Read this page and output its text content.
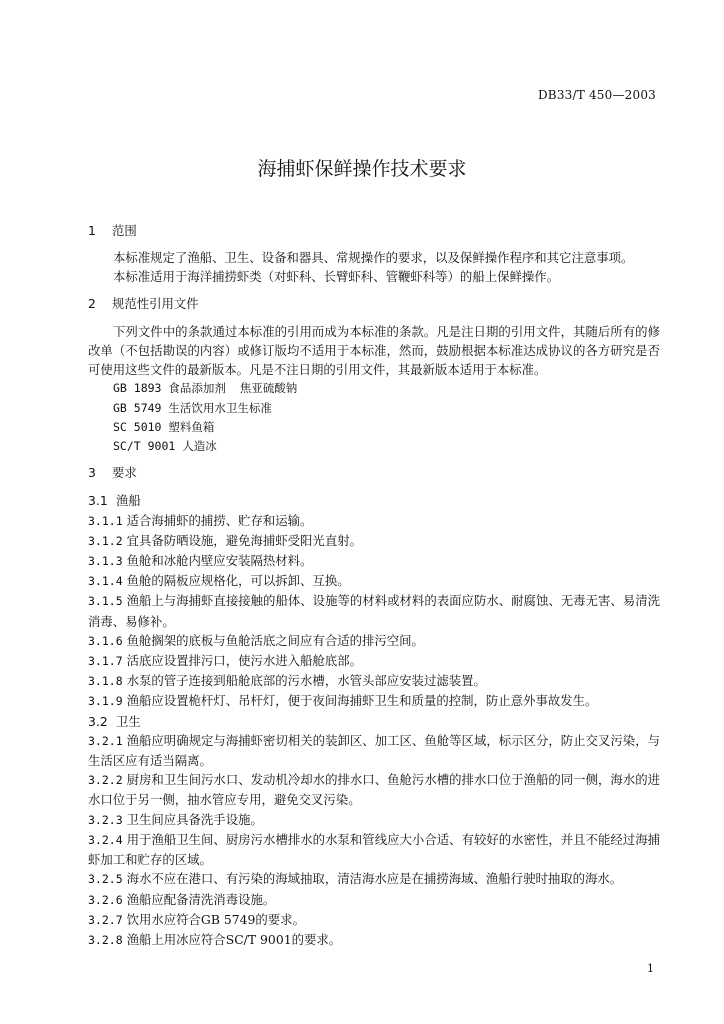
DB33/T 450—2003
海捕虾保鲜操作技术要求

1 范围

本标准规定了渔船、卫生、设备和器具、常规操作的要求，以及保鲜操作程序和其它注意事项。

本标准适用于海洋捕捞虾类（对虾科、长臂虾科、管鞭虾科等）的船上保鲜操作。

2 规范性引用文件

下列文件中的条款通过本标准的引用而成为本标准的条款。凡是注日期的引用文件，其随后所有的修改单（不包括勘误的内容）或修订版均不适用于本标准，然而，鼓励根据本标准达成协议的各方研究是否可使用这些文件的最新版本。凡是不注日期的引用文件，其最新版本适用于本标准。

GB 1893 食品添加剂  焦亚硫酸钠

GB 5749 生活饮用水卫生标准

SC 5010 塑料鱼箱

SC/T 9001 人造冰

3 要求

3.1 渔船

3.1.1 适合海捕虾的捕捞、贮存和运输。

3.1.2 宜具备防晒设施，避免海捕虾受阳光直射。

3.1.3 鱼舱和冰舱内壁应安装隔热材料。

3.1.4 鱼舱的隔板应规格化，可以拆卸、互换。

3.1.5 渔船上与海捕虾直接接触的船体、设施等的材料或材料的表面应防水、耐腐蚀、无毒无害、易清洗消毒、易修补。

3.1.6 鱼舱搁架的底板与鱼舱活底之间应有合适的排污空间。

3.1.7 活底应设置排污口，使污水进入船舱底部。

3.1.8 水泵的管子连接到船舱底部的污水槽，水管头部应安装过滤装置。

3.1.9 渔船应设置桅杆灯、吊杆灯，便于夜间海捕虾卫生和质量的控制，防止意外事故发生。

3.2 卫生

3.2.1 渔船应明确规定与海捕虾密切相关的装卸区、加工区、鱼舱等区域，标示区分，防止交叉污染，与生活区应有适当隔离。

3.2.2 厨房和卫生间污水口、发动机冷却水的排水口、鱼舱污水槽的排水口位于渔船的同一侧，海水的进水口位于另一侧，抽水管应专用，避免交叉污染。

3.2.3 卫生间应具备洗手设施。

3.2.4 用于渔船卫生间、厨房污水槽排水的水泵和管线应大小合适、有较好的水密性，并且不能经过海捕虾加工和贮存的区域。

3.2.5 海水不应在港口、有污染的海域抽取，清洁海水应是在捕捞海域、渔船行驶时抽取的海水。

3.2.6 渔船应配备清洗消毒设施。

3.2.7 饮用水应符合GB 5749的要求。

3.2.8 渔船上用冰应符合SC/T 9001的要求。

1
